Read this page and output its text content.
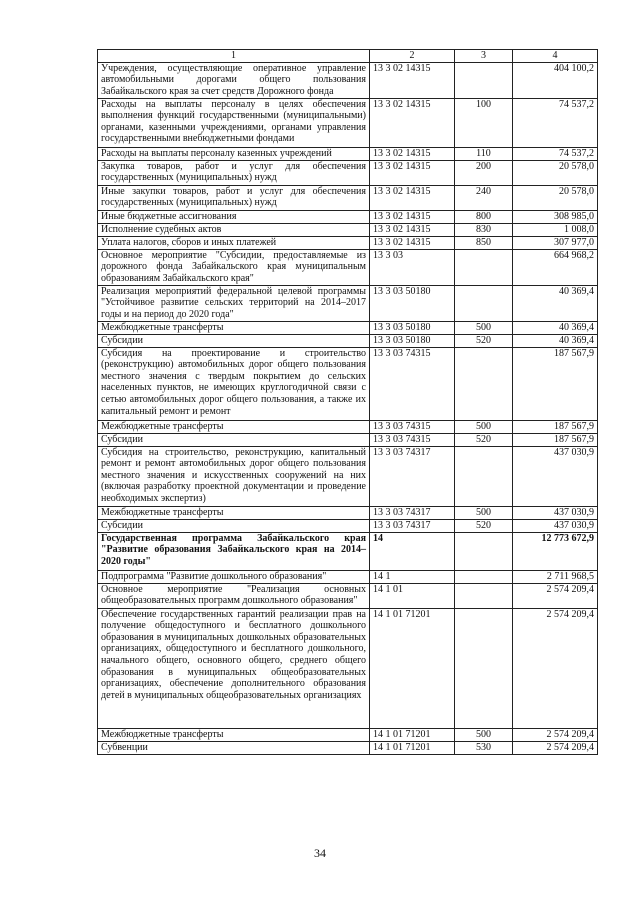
1	2	3	4
Учреждения, осуществляющие оперативное управление автомобильными дорогами общего пользования Забайкальского края за счет средств Дорожного фонда	13 3 02 14315		404 100,2
Расходы на выплаты персоналу в целях обеспечения выполнения функций государственными (муниципальными) органами, казенными учреждениями, органами управления государственными внебюджетными фондами	13 3 02 14315	100	74 537,2
Расходы на выплаты персоналу казенных учреждений	13 3 02 14315	110	74 537,2
Закупка товаров, работ и услуг для обеспечения государственных (муниципальных) нужд	13 3 02 14315	200	20 578,0
Иные закупки товаров, работ и услуг для обеспечения государственных (муниципальных) нужд	13 3 02 14315	240	20 578,0
Иные бюджетные ассигнования	13 3 02 14315	800	308 985,0
Исполнение судебных актов	13 3 02 14315	830	1 008,0
Уплата налогов, сборов и иных платежей	13 3 02 14315	850	307 977,0
Основное мероприятие "Субсидии, предоставляемые из дорожного фонда Забайкальского края муниципальным образованиям Забайкальского края"	13 3 03		664 968,2
Реализация мероприятий федеральной целевой программы "Устойчивое развитие сельских территорий на 2014–2017 годы и на период до 2020 года"	13 3 03 50180		40 369,4
Межбюджетные трансферты	13 3 03 50180	500	40 369,4
Субсидии	13 3 03 50180	520	40 369,4
Субсидия на проектирование и строительство (реконструкцию) автомобильных дорог общего пользования местного значения с твердым покрытием до сельских населенных пунктов, не имеющих круглогодичной связи с сетью автомобильных дорог общего пользования, а также их капитальный ремонт и ремонт	13 3 03 74315		187 567,9
Межбюджетные трансферты	13 3 03 74315	500	187 567,9
Субсидии	13 3 03 74315	520	187 567,9
Субсидия на строительство, реконструкцию, капитальный ремонт и ремонт автомобильных дорог общего пользования местного значения и искусственных сооружений на них (включая разработку проектной документации и проведение необходимых экспертиз)	13 3 03 74317		437 030,9
Межбюджетные трансферты	13 3 03 74317	500	437 030,9
Субсидии	13 3 03 74317	520	437 030,9
Государственная программа Забайкальского края "Развитие образования Забайкальского края на 2014–2020 годы"	14		12 773 672,9
Подпрограмма "Развитие дошкольного образования"	14 1		2 711 968,5
Основное мероприятие "Реализация основных общеобразовательных программ дошкольного образования"	14 1 01		2 574 209,4
Обеспечение государственных гарантий реализации прав на получение общедоступного и бесплатного дошкольного образования в муниципальных дошкольных образовательных организациях, общедоступного и бесплатного дошкольного, начального общего, основного общего, среднего общего образования в муниципальных общеобразовательных организациях, обеспечение дополнительного образования детей в муниципальных общеобразовательных организациях	14 1 01 71201		2 574 209,4
Межбюджетные трансферты	14 1 01 71201	500	2 574 209,4
Субвенции	14 1 01 71201	530	2 574 209,4
34
